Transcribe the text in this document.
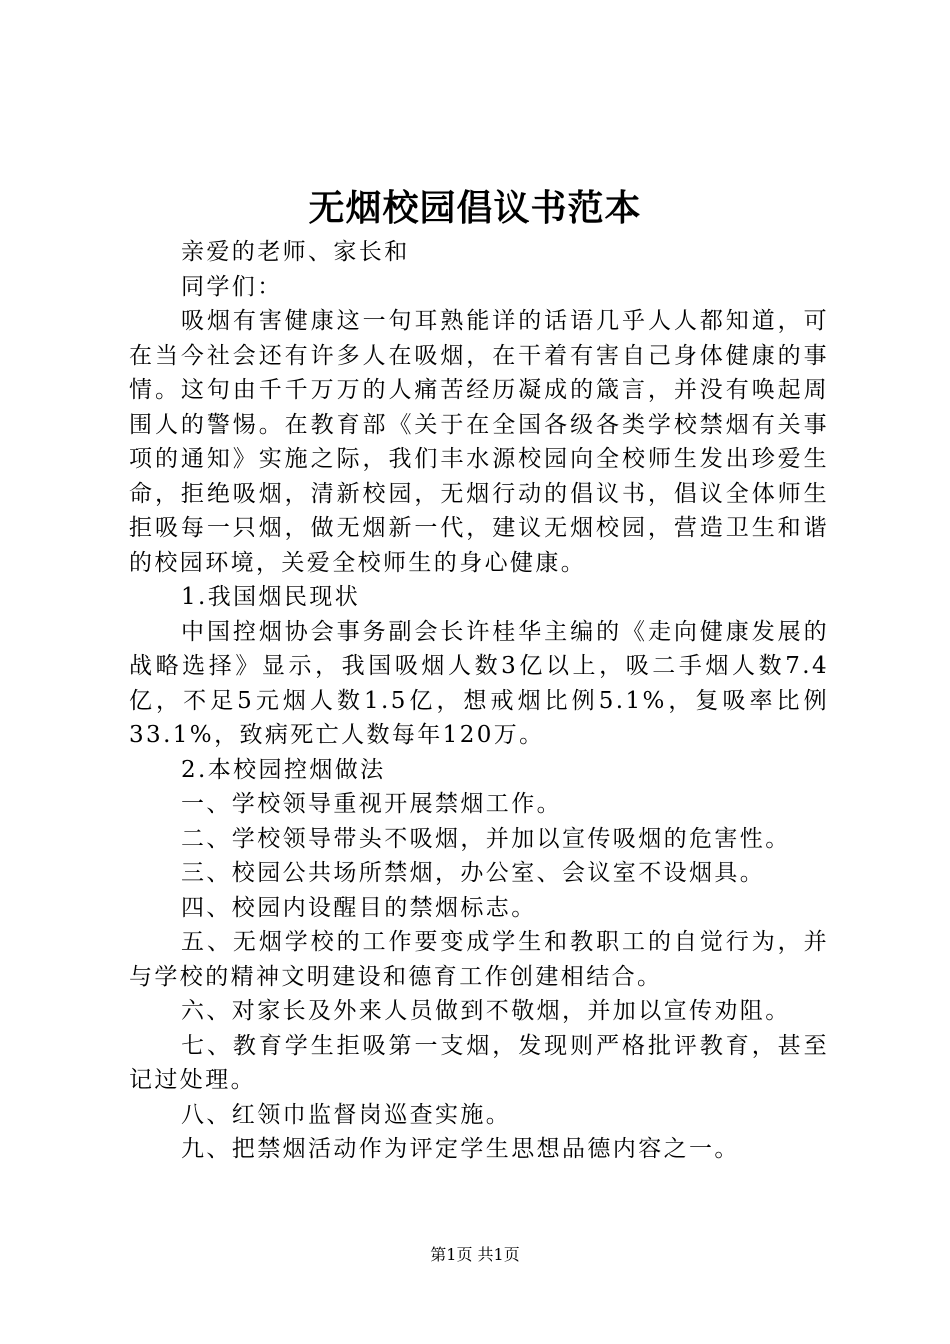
无烟校园倡议书范本

亲爱的老师、家长和

同学们：

吸烟有害健康这一句耳熟能详的话语几乎人人都知道，可在当今社会还有许多人在吸烟，在干着有害自己身体健康的事情。这句由千千万万的人痛苦经历凝成的箴言，并没有唤起周围人的警惕。在教育部《关于在全国各级各类学校禁烟有关事项的通知》实施之际，我们丰水源校园向全校师生发出珍爱生命，拒绝吸烟，清新校园，无烟行动的倡议书，倡议全体师生拒吸每一只烟，做无烟新一代，建议无烟校园，营造卫生和谐的校园环境，关爱全校师生的身心健康。

1.我国烟民现状

中国控烟协会事务副会长许桂华主编的《走向健康发展的战略选择》显示，我国吸烟人数3亿以上，吸二手烟人数7.4亿，不足5元烟人数1.5亿，想戒烟比例5.1%，复吸率比例33.1%，致病死亡人数每年120万。

2.本校园控烟做法

一、学校领导重视开展禁烟工作。

二、学校领导带头不吸烟，并加以宣传吸烟的危害性。

三、校园公共场所禁烟，办公室、会议室不设烟具。

四、校园内设醒目的禁烟标志。

五、无烟学校的工作要变成学生和教职工的自觉行为，并与学校的精神文明建设和德育工作创建相结合。

六、对家长及外来人员做到不敬烟，并加以宣传劝阻。

七、教育学生拒吸第一支烟，发现则严格批评教育，甚至记过处理。

八、红领巾监督岗巡查实施。

九、把禁烟活动作为评定学生思想品德内容之一。

第1页 共1页
